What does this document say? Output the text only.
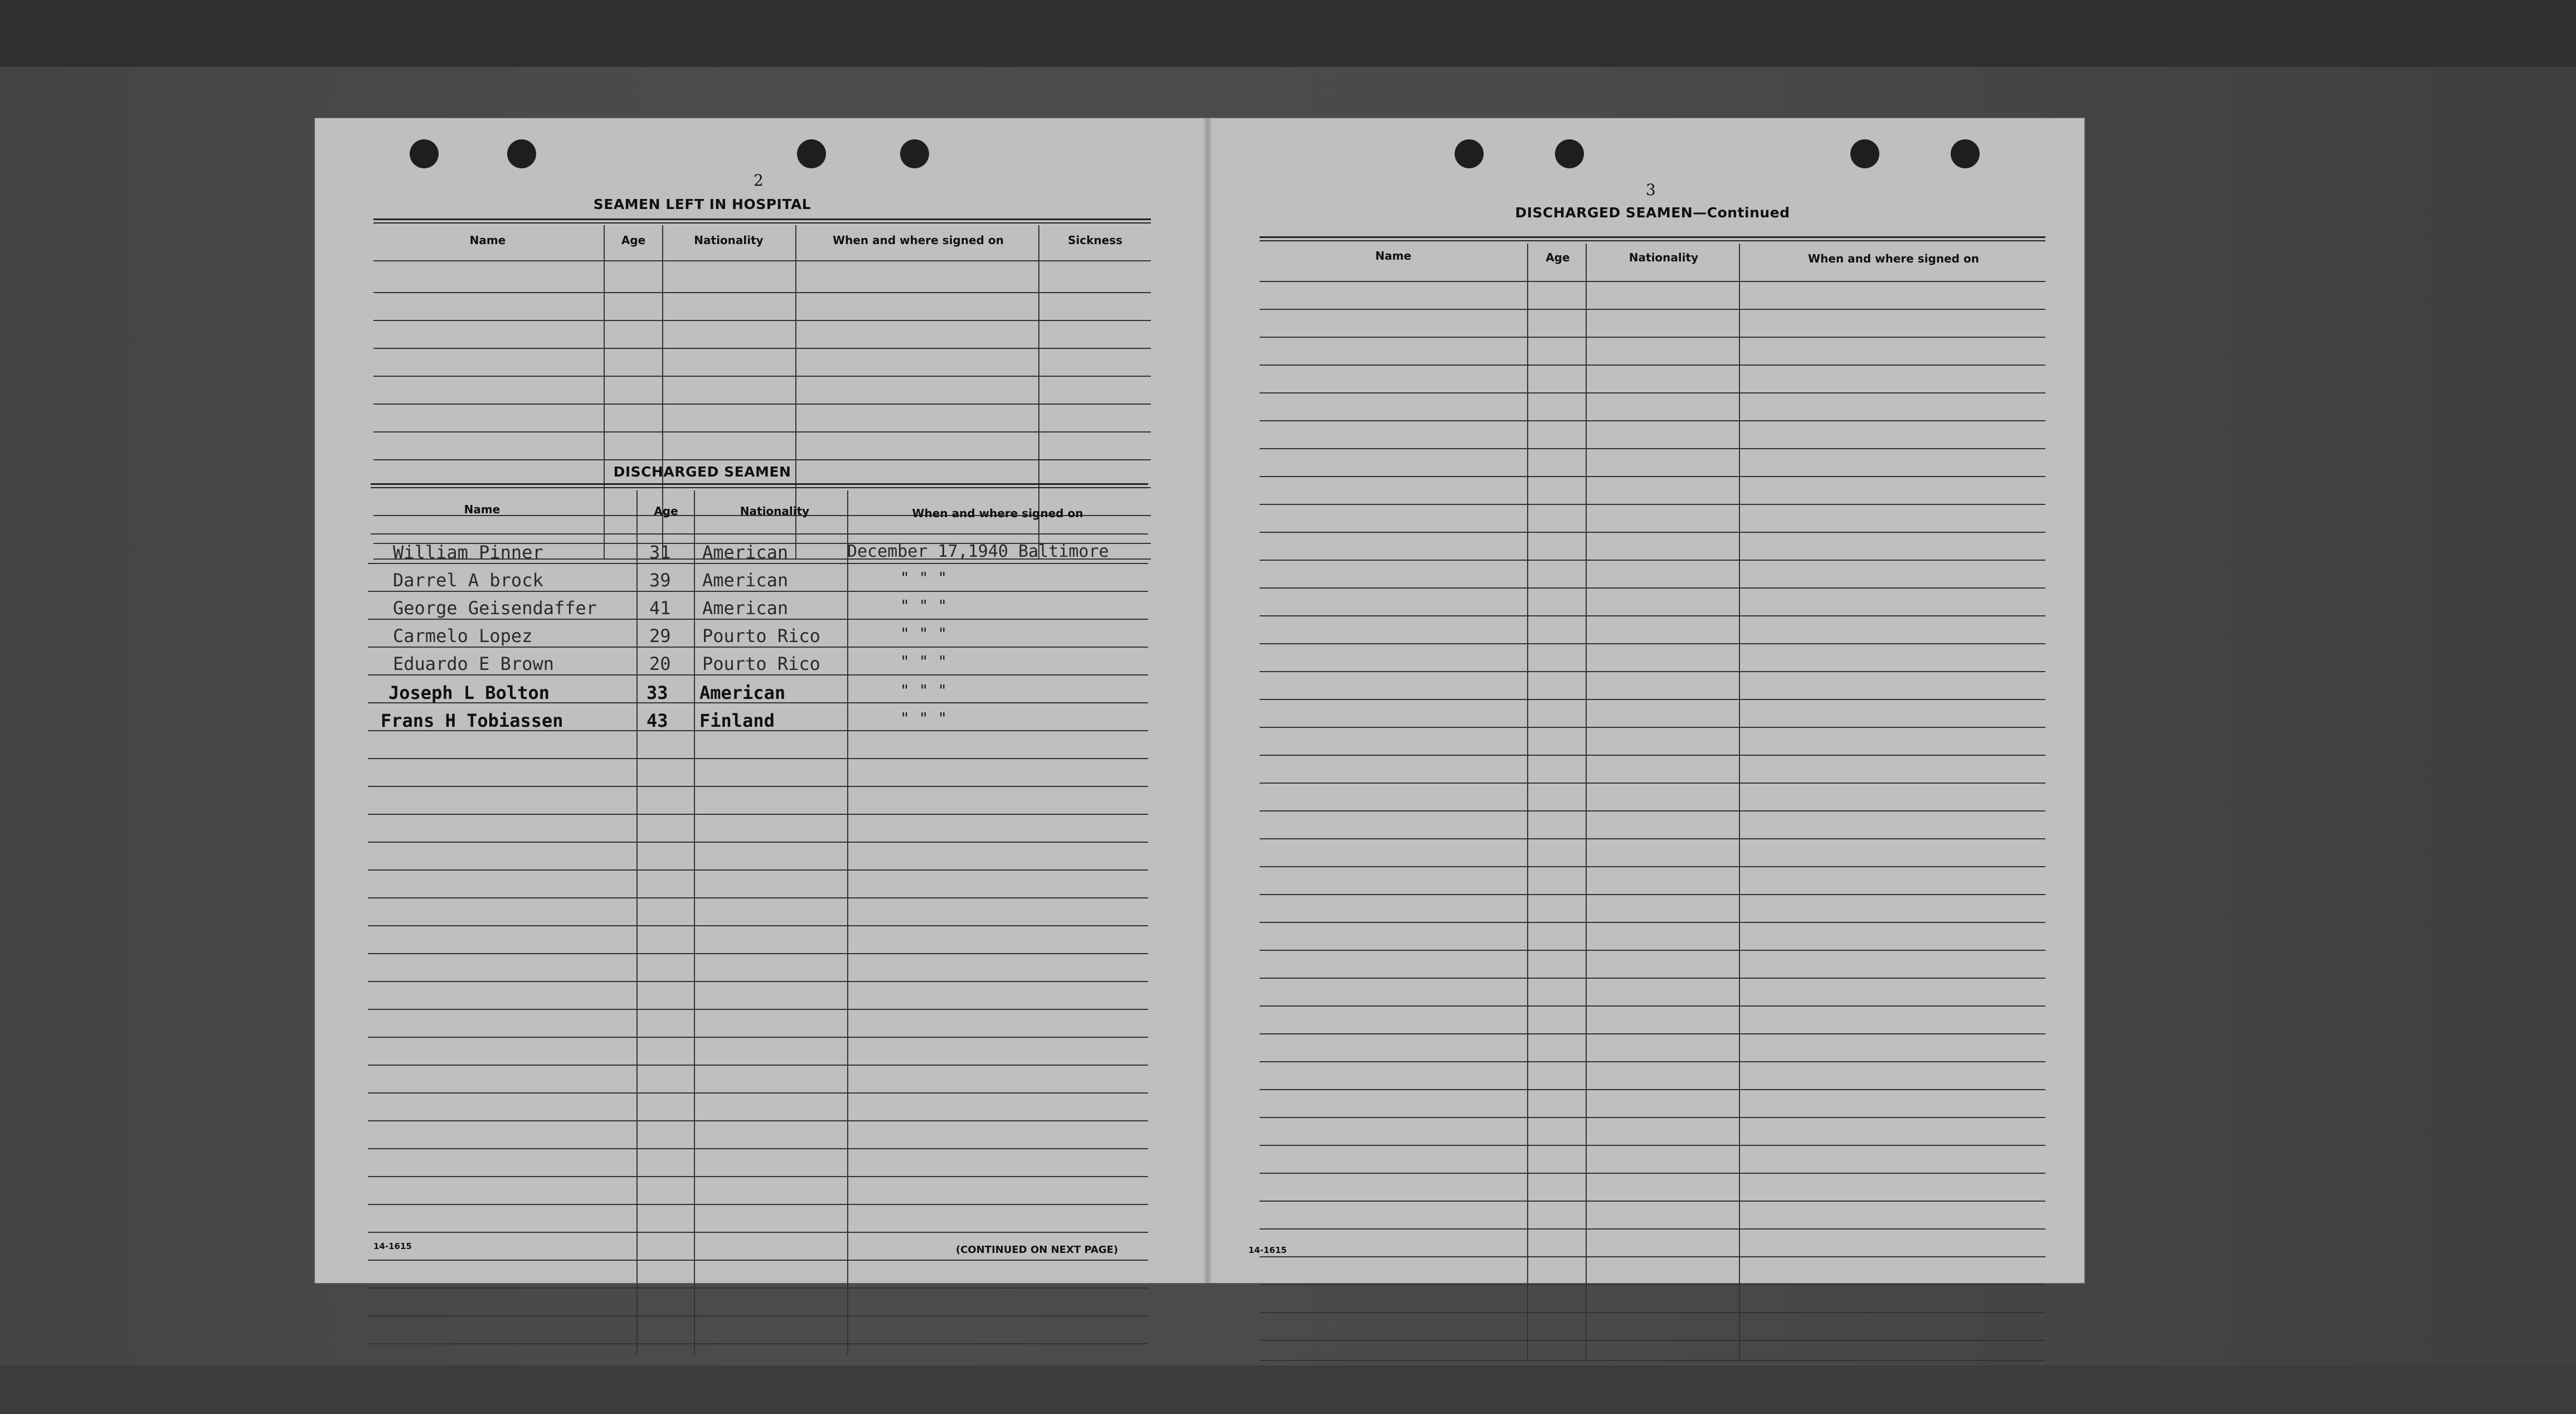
2
SEAMEN LEFT IN HOSPITAL
Name	Age	Nationality	When and where signed on	Sickness
DISCHARGED SEAMEN
Name	Age	Nationality	When and where signed on
William Pinner	31 American	December 17,1940 Baltimore
Darrel A brock	39 American	" " "
George Geisendaffer	41 American	" " "
Carmelo Lopez	29 Pourto Rico	" " "
Eduardo E Brown	20 Pourto Rico	" " "
Joseph L Bolton	33 American	" " "
Frans H Tobiassen	43 Finland	" " "
14-1615	(CONTINUED ON NEXT PAGE)
3
DISCHARGED SEAMEN—Continued
Name	Age	Nationality	When and where signed on
14-1615
